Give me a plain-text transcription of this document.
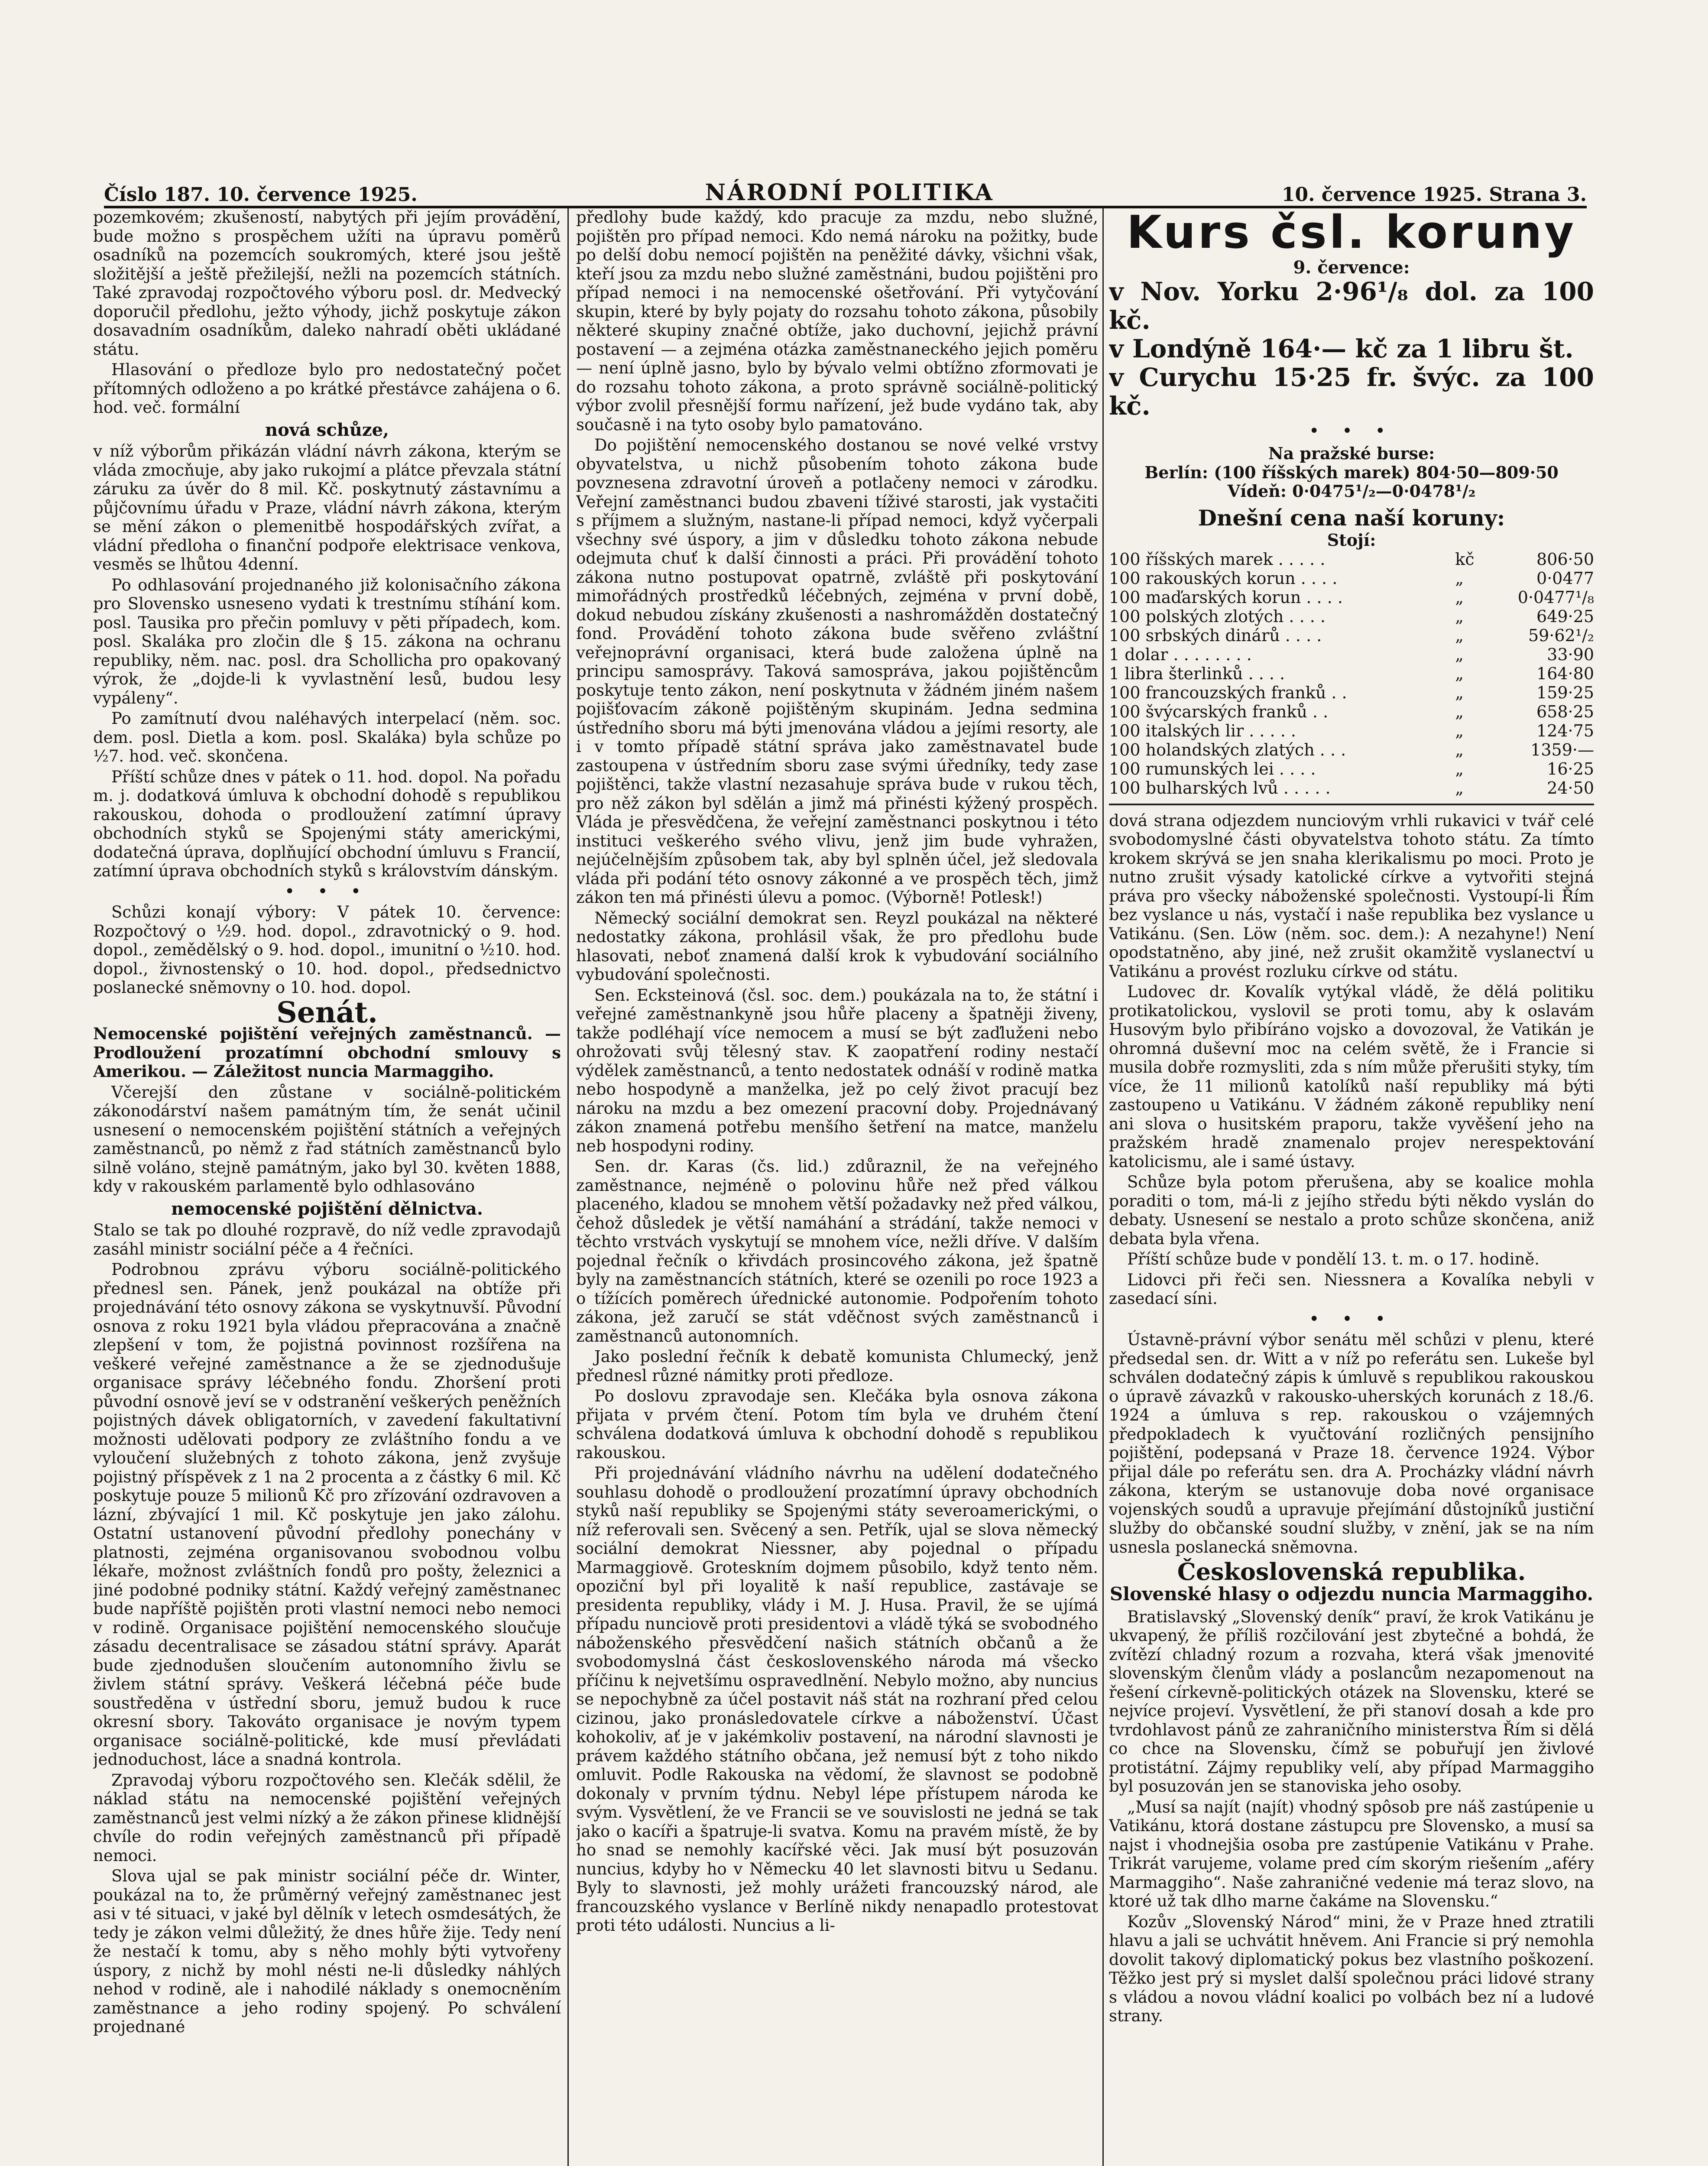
Číslo 187. 10. července 1925.	NÁRODNÍ POLITIKA	10. července 1925. Strana 3.

pozemkovém; zkušeností, nabytých při jejím provádění, bude možno s prospěchem užíti na úpravu poměrů osadníků na pozemcích soukromých, které jsou ještě složitější a ještě přežilejší, nežli na pozemcích státních. Také zpravodaj rozpočtového výboru posl. dr. Medvecký doporučil předlohu, ježto výhody, jichž poskytuje zákon dosavadním osadníkům, daleko nahradí oběti ukládané státu.

Hlasování o předloze bylo pro nedostatečný počet přítomných odloženo a po krátké přestávce zahájena o 6. hod. več. formální

nová schůze,

v níž výborům přikázán vládní návrh zákona, kterým se vláda zmocňuje, aby jako rukojmí a plátce převzala státní záruku za úvěr do 8 mil. Kč. poskytnutý zástavnímu a půjčovnímu úřadu v Praze, vládní návrh zákona, kterým se mění zákon o plemenitbě hospodářských zvířat, a vládní předloha o finanční podpoře elektrisace venkova, vesměs se lhůtou 4denní.

Po odhlasování projednaného již kolonisačního zákona pro Slovensko usneseno vydati k trestnímu stíhání kom. posl. Tausika pro přečin pomluvy v pěti případech, kom. posl. Skaláka pro zločin dle § 15. zákona na ochranu republiky, něm. nac. posl. dra Schollicha pro opakovaný výrok, že „dojde-li k vyvlastnění lesů, budou lesy vypáleny“.

Po zamítnutí dvou naléhavých interpelací (něm. soc. dem. posl. Dietla a kom. posl. Skaláka) byla schůze po ½7. hod. več. skončena.

Příští schůze dnes v pátek o 11. hod. dopol. Na pořadu m. j. dodatková úmluva k obchodní dohodě s republikou rakouskou, dohoda o prodloužení zatímní úpravy obchodních styků se Spojenými státy americkými, dodatečná úprava, doplňující obchodní úmluvu s Francií, zatímní úprava obchodních styků s královstvím dánským.

• • •

Schůzi konají výbory: V pátek 10. července: Rozpočtový o ½9. hod. dopol., zdravotnický o 9. hod. dopol., zemědělský o 9. hod. dopol., imunitní o ½10. hod. dopol., živnostenský o 10. hod. dopol., předsednictvo poslanecké sněmovny o 10. hod. dopol.

Senát.
Nemocenské pojištění veřejných zaměstnanců. — Prodloužení prozatímní obchodní smlouvy s Amerikou. — Záležitost nuncia Marmaggiho.

Včerejší den zůstane v sociálně-politickém zákonodárství našem památným tím, že senát učinil usnesení o nemocenském pojištění státních a veřejných zaměstnanců, po němž z řad státních zaměstnanců bylo silně voláno, stejně památným, jako byl 30. květen 1888, kdy v rakouském parlamentě bylo odhlasováno

nemocenské pojištění dělnictva.

Stalo se tak po dlouhé rozpravě, do níž vedle zpravodajů zasáhl ministr sociální péče a 4 řečníci.

Podrobnou zprávu výboru sociálně-politického přednesl sen. Pánek, jenž poukázal na obtíže při projednávání této osnovy zákona se vyskytnuvší. Původní osnova z roku 1921 byla vládou přepracována a značně zlepšení v tom, že pojistná povinnost rozšířena na veškeré veřejné zaměstnance a že se zjednodušuje organisace správy léčebného fondu. Zhoršení proti původní osnově jeví se v odstranění veškerých peněžních pojistných dávek obligatorních, v zavedení fakultativní možnosti udělovati podpory ze zvláštního fondu a ve vyloučení služebných z tohoto zákona, jenž zvyšuje pojistný příspěvek z 1 na 2 procenta a z částky 6 mil. Kč poskytuje pouze 5 milionů Kč pro zřízování ozdravoven a lázní, zbývající 1 mil. Kč poskytuje jen jako zálohu. Ostatní ustanovení původní předlohy ponechány v platnosti, zejména organisovanou svobodnou volbu lékaře, možnost zvláštních fondů pro pošty, železnici a jiné podobné podniky státní. Každý veřejný zaměstnanec bude napříště pojištěn proti vlastní nemoci nebo nemoci v rodině. Organisace pojištění nemocenského sloučuje zásadu decentralisace se zásadou státní správy. Aparát bude zjednodušen sloučením autonomního živlu se živlem státní správy. Veškerá léčebná péče bude soustředěna v ústřední sboru, jemuž budou k ruce okresní sbory. Takováto organisace je novým typem organisace sociálně-politické, kde musí převládati jednoduchost, láce a snadná kontrola.

Zpravodaj výboru rozpočtového sen. Klečák sdělil, že náklad státu na nemocenské pojištění veřejných zaměstnanců jest velmi nízký a že zákon přinese klidnější chvíle do rodin veřejných zaměstnanců při případě nemoci.

Slova ujal se pak ministr sociální péče dr. Winter, poukázal na to, že průměrný veřejný zaměstnanec jest asi v té situaci, v jaké byl dělník v letech osmdesátých, že tedy je zákon velmi důležitý, že dnes hůře žije. Tedy není že nestačí k tomu, aby s něho mohly býti vytvořeny úspory, z nichž by mohl nésti ne-li důsledky náhlých nehod v rodině, ale i nahodilé náklady s onemocněním zaměstnance a jeho rodiny spojený. Po schválení projednané

předlohy bude každý, kdo pracuje za mzdu, nebo služné, pojištěn pro případ nemoci. Kdo nemá nároku na požitky, bude po delší dobu nemocí pojištěn na peněžité dávky, všichni však, kteří jsou za mzdu nebo služné zaměstnáni, budou pojištěni pro případ nemoci i na nemocenské ošetřování. Při vytyčování skupin, které by byly pojaty do rozsahu tohoto zákona, působily některé skupiny značné obtíže, jako duchovní, jejichž právní postavení — a zejména otázka zaměstnaneckého jejich poměru — není úplně jasno, bylo by bývalo velmi obtížno zformovati je do rozsahu tohoto zákona, a proto správně sociálně-politický výbor zvolil přesnější formu nařízení, jež bude vydáno tak, aby současně i na tyto osoby bylo pamatováno.

Do pojištění nemocenského dostanou se nové velké vrstvy obyvatelstva, u nichž působením tohoto zákona bude povznesena zdravotní úroveň a potlačeny nemoci v zárodku. Veřejní zaměstnanci budou zbaveni tíživé starosti, jak vystačiti s příjmem a služným, nastane-li případ nemoci, když vyčerpali všechny své úspory, a jim v důsledku tohoto zákona nebude odejmuta chuť k další činnosti a práci. Při provádění tohoto zákona nutno postupovat opatrně, zvláště při poskytování mimořádných prostředků léčebných, zejména v první době, dokud nebudou získány zkušenosti a nashromážděn dostatečný fond. Provádění tohoto zákona bude svěřeno zvláštní veřejnoprávní organisaci, která bude založena úplně na principu samosprávy. Taková samospráva, jakou pojištěncům poskytuje tento zákon, není poskytnuta v žádném jiném našem pojišťovacím zákoně pojištěným skupinám. Jedna sedmina ústředního sboru má býti jmenována vládou a jejími resorty, ale i v tomto případě státní správa jako zaměstnavatel bude zastoupena v ústředním sboru zase svými úředníky, tedy zase pojištěnci, takže vlastní nezasahuje správa bude v rukou těch, pro něž zákon byl sdělán a jimž má přinésti kýžený prospěch. Vláda je přesvědčena, že veřejní zaměstnanci poskytnou i této instituci veškerého svého vlivu, jenž jim bude vyhražen, nejúčelnějším způsobem tak, aby byl splněn účel, jež sledovala vláda při podání této osnovy zákonné a ve prospěch těch, jimž zákon ten má přinésti úlevu a pomoc. (Výborně! Potlesk!)

Německý sociální demokrat sen. Reyzl poukázal na některé nedostatky zákona, prohlásil však, že pro předlohu bude hlasovati, neboť znamená další krok k vybudování sociálního vybudování společnosti.

Sen. Ecksteinová (čsl. soc. dem.) poukázala na to, že státní i veřejné zaměstnankyně jsou hůře placeny a špatněji živeny, takže podléhají více nemocem a musí se být zaďluženi nebo ohrožovati svůj tělesný stav. K zaopatření rodiny nestačí výdělek zaměstnanců, a tento nedostatek odnáší v rodině matka nebo hospodyně a manželka, jež po celý život pracují bez nároku na mzdu a bez omezení pracovní doby. Projednávaný zákon znamená potřebu menšího šetření na matce, manželu neb hospodyni rodiny.

Sen. dr. Karas (čs. lid.) zdůraznil, že na veřejného zaměstnance, nejméně o polovinu hůře než před válkou placeného, kladou se mnohem větší požadavky než před válkou, čehož důsledek je větší namáhání a strádání, takže nemoci v těchto vrstvách vyskytují se mnohem více, nežli dříve. V dalším pojednal řečník o křivdách prosincového zákona, jež špatně byly na zaměstnancích státních, které se ozenili po roce 1923 a o tížících poměrech úřednické autonomie. Podpořením tohoto zákona, jež zaručí se stát vděčnost svých zaměstnanců i zaměstnanců autonomních.

Jako poslední řečník k debatě komunista Chlumecký, jenž přednesl různé námitky proti předloze.

Po doslovu zpravodaje sen. Klečáka byla osnova zákona přijata v prvém čtení. Potom tím byla ve druhém čtení schválena dodatková úmluva k obchodní dohodě s republikou rakouskou.

Při projednávání vládního návrhu na udělení dodatečného souhlasu dohodě o prodloužení prozatímní úpravy obchodních styků naší republiky se Spojenými státy severoamerickými, o níž referovali sen. Svěcený a sen. Petřík, ujal se slova německý sociální demokrat Niessner, aby pojednal o případu Marmaggiově. Groteskním dojmem působilo, když tento něm. opoziční byl při loyalitě k naší republice, zastávaje se presidenta republiky, vlády i M. J. Husa. Pravil, že se ujímá případu nunciově proti presidentovi a vládě týká se svobodného náboženského přesvědčení našich státních občanů a že svobodomyslná část československého národa má všecko příčinu k nejvetšímu ospravedlnění. Nebylo možno, aby nuncius se nepochybně za účel postavit náš stát na rozhraní před celou cizinou, jako pronásledovatele církve a náboženství. Účast kohokoliv, ať je v jakémkoliv postavení, na národní slavnosti je právem každého státního občana, jež nemusí být z toho nikdo omluvit. Podle Rakouska na vědomí, že slavnost se podobně dokonaly v prvním týdnu. Nebyl lépe přístupem národa ke svým. Vysvětlení, že ve Francii se ve souvislosti ne jedná se tak jako o kacíři a špatruje-li svatva. Komu na pravém místě, že by ho snad se nemohly kacířské věci. Jak musí být posuzován nuncius, kdyby ho v Německu 40 let slavnosti bitvu u Sedanu. Byly to slavnosti, jež mohly urážeti francouzský národ, ale francouzského vyslance v Berlíně nikdy nenapadlo protestovat proti této události. Nuncius a li-

Kurs čsl. koruny
9. července:

v Nov. Yorku 2·96¹/₈ dol. za 100 kč.

v Londýně 164·— kč za 1 libru št.

v Curychu 15·25 fr. švýc. za 100 kč.

• • •
Na pražské burse:
Berlín: (100 říšských marek) 804·50—809·50
Vídeň: 0·0475¹/₂—0·0478¹/₂
Dnešní cena naší koruny:
Stojí:
100 říšských marek . . . . .	kč	806·50
100 rakouských korun . . . .	„	0·0477
100 maďarských korun . . . .	„	0·0477¹/₈
100 polských zlotých . . . .	„	649·25
100 srbských dinárů . . . .	„	59·62¹/₂
1 dolar . . . . . . . .	„	33·90
1 libra šterlinků . . . .	„	164·80
100 francouzských franků . .	„	159·25
100 švýcarských franků . .	„	658·25
100 italských lir . . . . .	„	124·75
100 holandských zlatých . . .	„	1359·—
100 rumunských lei . . . .	„	16·25
100 bulharských lvů . . . . .	„	24·50

dová strana odjezdem nunciovým vrhli rukavici v tvář celé svobodomyslné části obyvatelstva tohoto státu. Za tímto krokem skrývá se jen snaha klerikalismu po moci. Proto je nutno zrušit výsady katolické církve a vytvořiti stejná práva pro všecky náboženské společnosti. Vystoupí-li Řím bez vyslance u nás, vystačí i naše republika bez vyslance u Vatikánu. (Sen. Löw (něm. soc. dem.): A nezahyne!) Není opodstatněno, aby jiné, než zrušit okamžitě vyslanectví u Vatikánu a provést rozluku církve od státu.

Ludovec dr. Kovalík vytýkal vládě, že dělá politiku protikatolickou, vyslovil se proti tomu, aby k oslavám Husovým bylo přibíráno vojsko a dovozoval, že Vatikán je ohromná duševní moc na celém světě, že i Francie si musila dobře rozmysliti, zda s ním může přerušiti styky, tím více, že 11 milionů katolíků naší republiky má býti zastoupeno u Vatikánu. V žádném zákoně republiky není ani slova o husitském praporu, takže vyvěšení jeho na pražském hradě znamenalo projev nerespektování katolicismu, ale i samé ústavy.

Schůze byla potom přerušena, aby se koalice mohla poraditi o tom, má-li z jejího středu býti někdo vyslán do debaty. Usnesení se nestalo a proto schůze skončena, aniž debata byla vřena.

Příští schůze bude v pondělí 13. t. m. o 17. hodině.

Lidovci při řeči sen. Niessnera a Kovalíka nebyli v zasedací síni.

• • •

Ústavně-právní výbor senátu měl schůzi v plenu, které předsedal sen. dr. Witt a v níž po referátu sen. Lukeše byl schválen dodatečný zápis k úmluvě s republikou rakouskou o úpravě závazků v rakousko-uherských korunách z 18./6. 1924 a úmluva s rep. rakouskou o vzájemných předpokladech k vyučtování rozličných pensijního pojištění, podepsaná v Praze 18. července 1924. Výbor přijal dále po referátu sen. dra A. Procházky vládní návrh zákona, kterým se ustanovuje doba nové organisace vojenských soudů a upravuje přejímání důstojníků justiční služby do občanské soudní služby, v znění, jak se na ním usnesla poslanecká sněmovna.

Československá republika.
Slovenské hlasy o odjezdu nuncia Marmaggiho.

Bratislavský „Slovenský deník“ praví, že krok Vatikánu je ukvapený, že příliš rozčilování jest zbytečné a bohdá, že zvítězí chladný rozum a rozvaha, která však jmenovité slovenským členům vlády a poslancům nezapomenout na řešení církevně-politických otázek na Slovensku, které se nejvíce projeví. Vysvětlení, že při stanoví dosah a kde pro tvrdohlavost pánů ze zahraničního ministerstva Řím si dělá co chce na Slovensku, čímž se pobuřují jen živlové protistátní. Zájmy republiky velí, aby případ Marmaggiho byl posuzován jen se stanoviska jeho osoby.

„Musí sa najít (najít) vhodný spôsob pre náš zastúpenie u Vatikánu, ktorá dostane zástupcu pre Slovensko, a musí sa najst i vhodnejšia osoba pre zastúpenie Vatikánu v Prahe. Trikrát varujeme, volame pred cím skorým riešením „aféry Marmaggiho“. Naše zahraničné vedenie má teraz slovo, na ktoré už tak dlho marne čakáme na Slovensku.“

Kozův „Slovenský Národ“ mini, že v Praze hned ztratili hlavu a jali se uchvátit hněvem. Ani Francie si prý nemohla dovolit takový diplomatický pokus bez vlastního poškození. Těžko jest prý si myslet další společnou práci lidové strany s vládou a novou vládní koalici po volbách bez ní a ludové strany.
